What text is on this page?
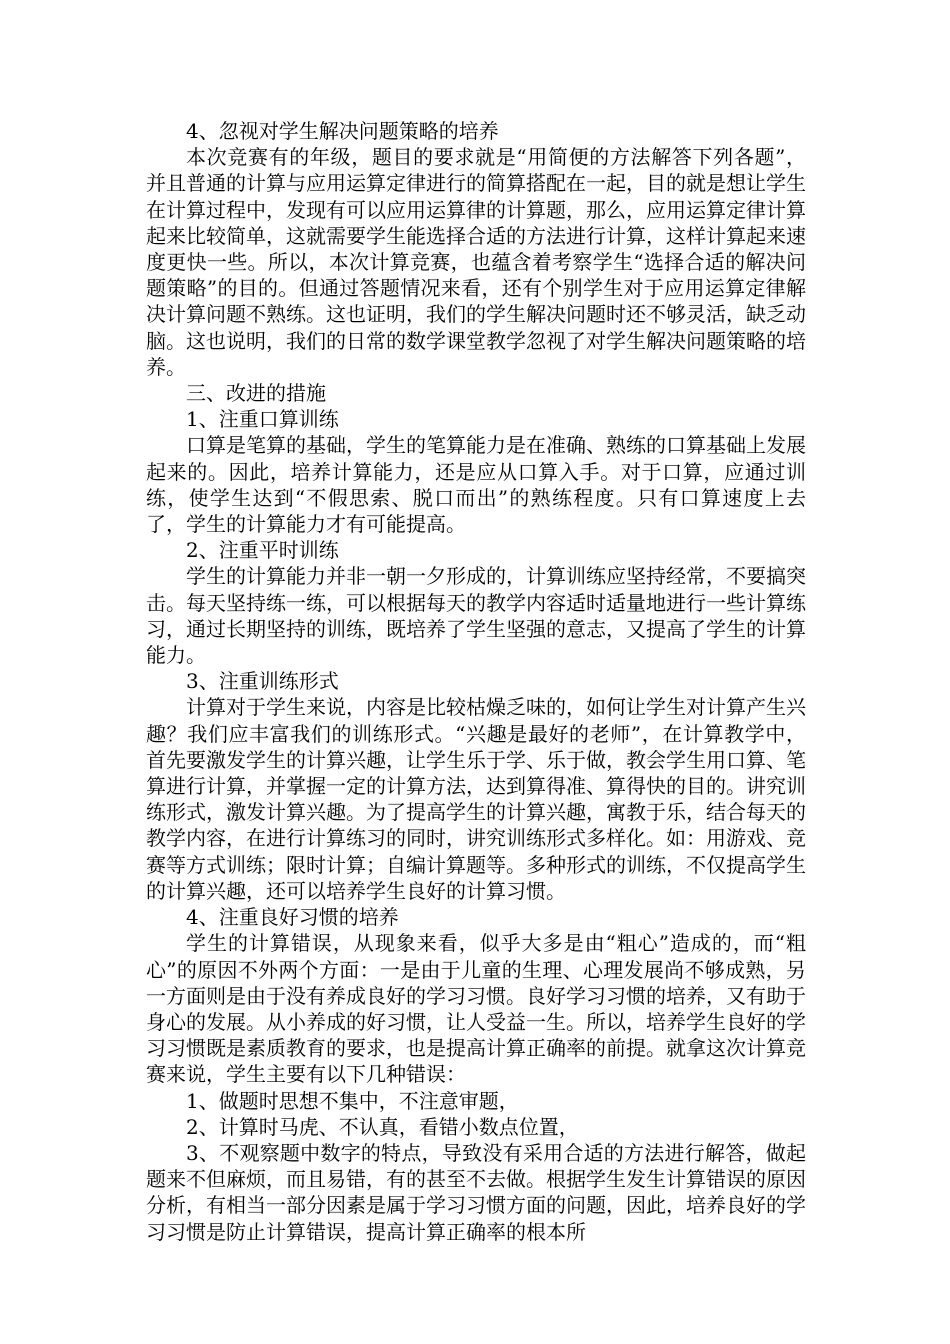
4、忽视对学生解决问题策略的培养

本次竞赛有的年级，题目的要求就是“用简便的方法解答下列各题”，并且普通的计算与应用运算定律进行的简算搭配在一起，目的就是想让学生在计算过程中，发现有可以应用运算律的计算题，那么，应用运算定律计算起来比较简单，这就需要学生能选择合适的方法进行计算，这样计算起来速度更快一些。所以，本次计算竞赛，也蕴含着考察学生“选择合适的解决问题策略”的目的。但通过答题情况来看，还有个别学生对于应用运算定律解决计算问题不熟练。这也证明，我们的学生解决问题时还不够灵活，缺乏动脑。这也说明，我们的日常的数学课堂教学忽视了对学生解决问题策略的培养。

三、改进的措施

1、注重口算训练

口算是笔算的基础，学生的笔算能力是在准确、熟练的口算基础上发展起来的。因此，培养计算能力，还是应从口算入手。对于口算，应通过训练，使学生达到“不假思索、脱口而出”的熟练程度。只有口算速度上去了，学生的计算能力才有可能提高。

2、注重平时训练

学生的计算能力并非一朝一夕形成的，计算训练应坚持经常，不要搞突击。每天坚持练一练，可以根据每天的教学内容适时适量地进行一些计算练习，通过长期坚持的训练，既培养了学生坚强的意志，又提高了学生的计算能力。

3、注重训练形式

计算对于学生来说，内容是比较枯燥乏味的，如何让学生对计算产生兴趣？我们应丰富我们的训练形式。“兴趣是最好的老师”，在计算教学中，首先要激发学生的计算兴趣，让学生乐于学、乐于做，教会学生用口算、笔算进行计算，并掌握一定的计算方法，达到算得准、算得快的目的。讲究训练形式，激发计算兴趣。为了提高学生的计算兴趣，寓教于乐，结合每天的教学内容，在进行计算练习的同时，讲究训练形式多样化。如：用游戏、竞赛等方式训练；限时计算；自编计算题等。多种形式的训练，不仅提高学生的计算兴趣，还可以培养学生良好的计算习惯。

4、注重良好习惯的培养

学生的计算错误，从现象来看，似乎大多是由“粗心”造成的，而“粗心”的原因不外两个方面：一是由于儿童的生理、心理发展尚不够成熟，另一方面则是由于没有养成良好的学习习惯。良好学习习惯的培养，又有助于身心的发展。从小养成的好习惯，让人受益一生。所以，培养学生良好的学习习惯既是素质教育的要求，也是提高计算正确率的前提。就拿这次计算竞赛来说，学生主要有以下几种错误：

1、做题时思想不集中，不注意审题，

2、计算时马虎、不认真，看错小数点位置，

3、不观察题中数字的特点，导致没有采用合适的方法进行解答，做起题来不但麻烦，而且易错，有的甚至不去做。根据学生发生计算错误的原因分析，有相当一部分因素是属于学习习惯方面的问题，因此，培养良好的学习习惯是防止计算错误，提高计算正确率的根本所
